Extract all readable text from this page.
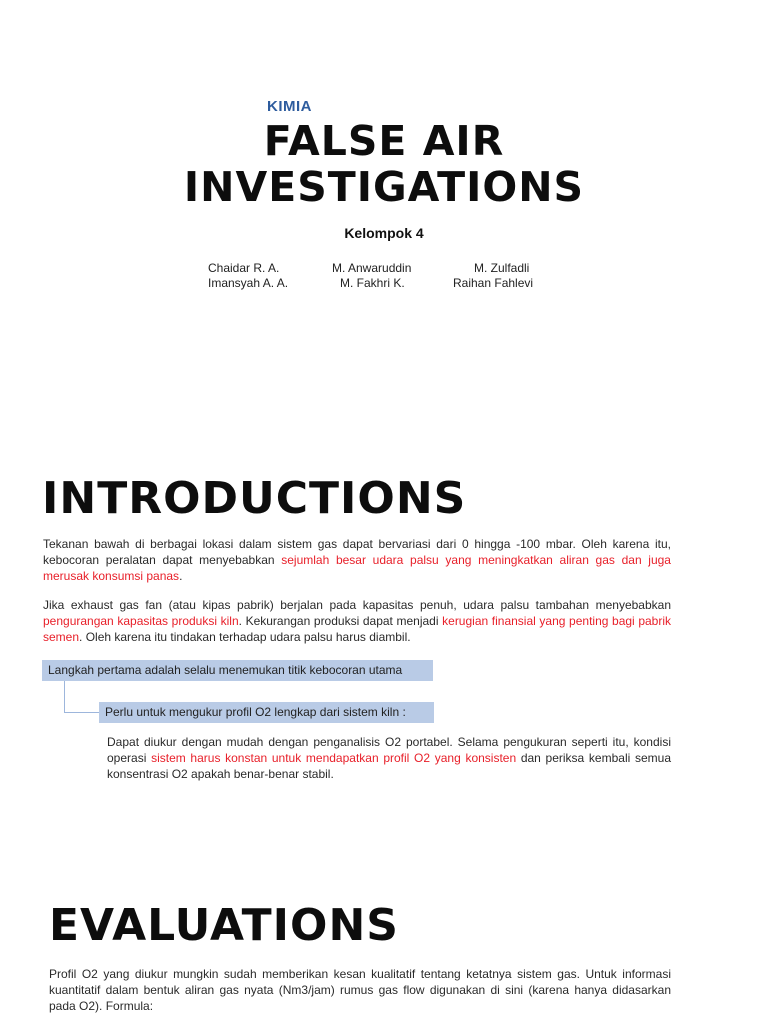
KIMIA
FALSE AIR
INVESTIGATIONS
Kelompok 4
Chaidar R. A.	M. Anwaruddin	M. Zulfadli
Imansyah A. A.	M. Fakhri K.	Raihan Fahlevi
INTRODUCTIONS
Tekanan bawah di berbagai lokasi dalam sistem gas dapat bervariasi dari 0 hingga -100 mbar. Oleh karena itu, kebocoran peralatan dapat menyebabkan sejumlah besar udara palsu yang meningkatkan aliran gas dan juga merusak konsumsi panas.
Jika exhaust gas fan (atau kipas pabrik) berjalan pada kapasitas penuh, udara palsu tambahan menyebabkan pengurangan kapasitas produksi kiln. Kekurangan produksi dapat menjadi kerugian finansial yang penting bagi pabrik semen. Oleh karena itu tindakan terhadap udara palsu harus diambil.
Langkah pertama adalah selalu menemukan titik kebocoran utama
Perlu untuk mengukur profil O2 lengkap dari sistem kiln :
Dapat diukur dengan mudah dengan penganalisis O2 portabel. Selama pengukuran seperti itu, kondisi operasi sistem harus konstan untuk mendapatkan profil O2 yang konsisten dan periksa kembali semua konsentrasi O2 apakah benar-benar stabil.
EVALUATIONS
Profil O2 yang diukur mungkin sudah memberikan kesan kualitatif tentang ketatnya sistem gas. Untuk informasi kuantitatif dalam bentuk aliran gas nyata (Nm3/jam) rumus gas flow digunakan di sini (karena hanya didasarkan pada O2). Formula:
